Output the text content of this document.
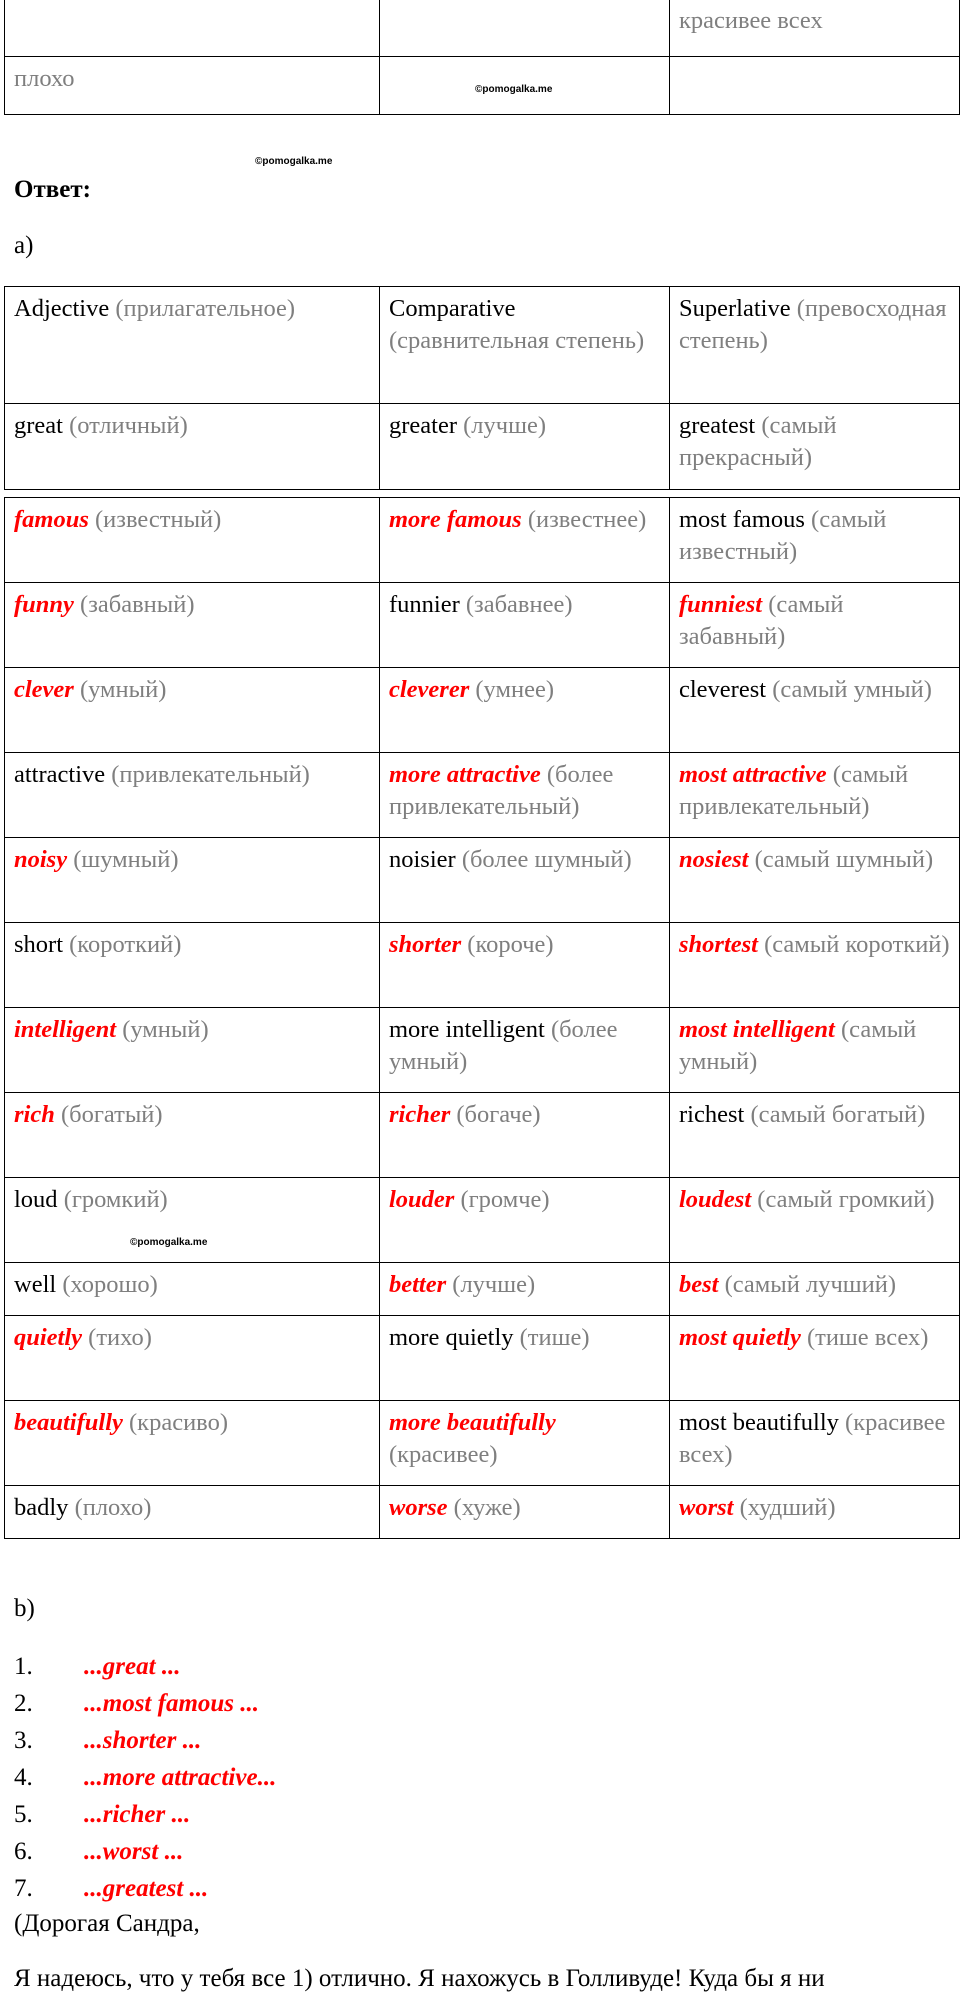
		красивее всех
плохо			©pomogalka.me
©pomogalka.me
Ответ:
a)
Adjective (прилагательное)	Comparative (сравнительная степень)	Superlative (превосходная степень)
great (отличный)	greater (лучше)	greatest (самый прекрасный)
famous (известный)	more famous (известнее)	most famous (самый известный)
funny (забавный)	funnier (забавнее)	funniest (самый забавный)
clever (умный)	cleverer (умнее)	cleverest (самый умный)
attractive (привлекательный)	more attractive (более привлекательный)	most attractive (самый привлекательный)
noisy (шумный)	noisier (более шумный)	nosiest (самый шумный)
short (короткий)	shorter (короче)	shortest (самый короткий)
intelligent (умный)	more intelligent (более умный)	most intelligent (самый умный)
rich (богатый)	richer (богаче)	richest (самый богатый)
loud (громкий)	louder (громче)	loudest (самый громкий)
well (хорошо)	better (лучше)	best (самый лучший)
quietly (тихо)	more quietly (тише)	most quietly (тише всех)
beautifully (красиво)	more beautifully (красивее)	most beautifully (красивее всех)
badly (плохо)	worse (хуже)	worst (худший)
©pomogalka.me
b)
1.	...great ...
2.	...most famous ...
3.	...shorter ...
4.	...more attractive...
5.	...richer ...
6.	...worst ...
7.	...greatest ...
(Дорогая Сандра,
Я надеюсь, что у тебя все 1) отлично. Я нахожусь в Голливуде! Куда бы я ни
